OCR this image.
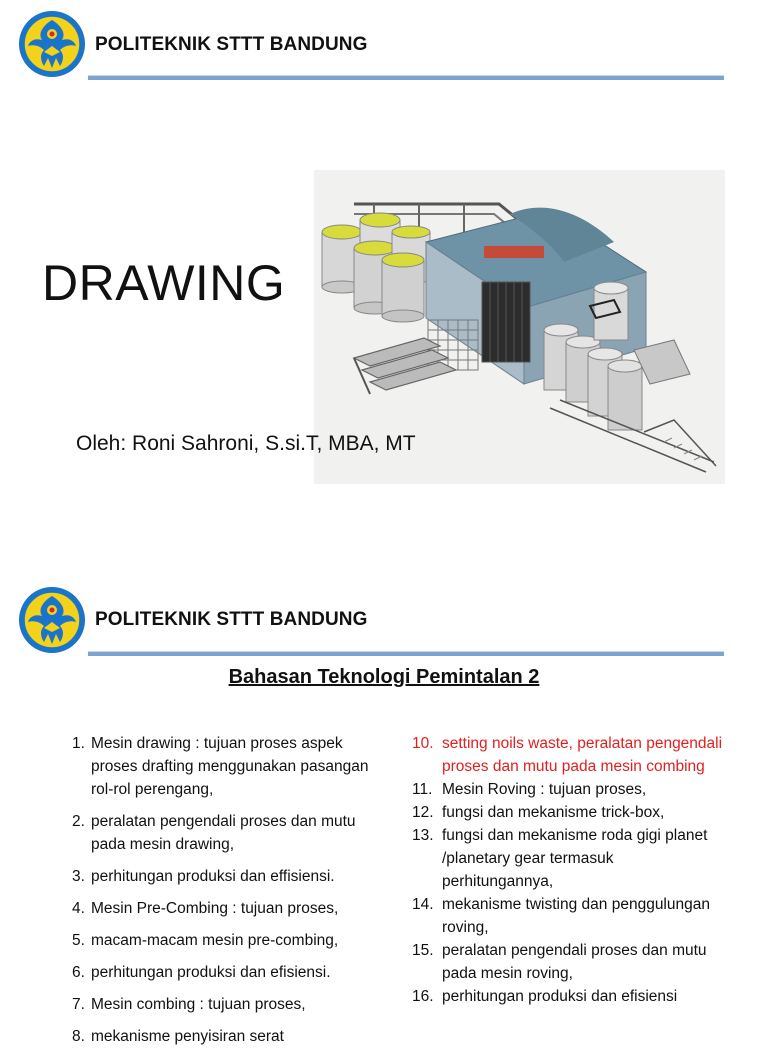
POLITEKNIK STTT BANDUNG
DRAWING
Oleh: Roni Sahroni, S.si.T, MBA, MT
POLITEKNIK STTT BANDUNG
Bahasan Teknologi Pemintalan 2
1. Mesin drawing : tujuan proses aspek proses drafting menggunakan pasangan rol-rol perengang,
2. peralatan pengendali proses dan mutu pada mesin drawing,
3. perhitungan produksi dan effisiensi.
4. Mesin Pre-Combing : tujuan proses,
5. macam-macam mesin pre-combing,
6. perhitungan produksi dan efisiensi.
7. Mesin combing : tujuan proses,
8. mekanisme penyisiran serat
10. setting noils waste, peralatan pengendali proses dan mutu pada mesin combing
11. Mesin Roving : tujuan proses,
12. fungsi dan mekanisme trick-box,
13. fungsi dan mekanisme roda gigi planet /planetary gear termasuk perhitungannya,
14. mekanisme twisting dan penggulungan roving,
15. peralatan pengendali proses dan mutu pada mesin roving,
16. perhitungan produksi dan efisiensi
